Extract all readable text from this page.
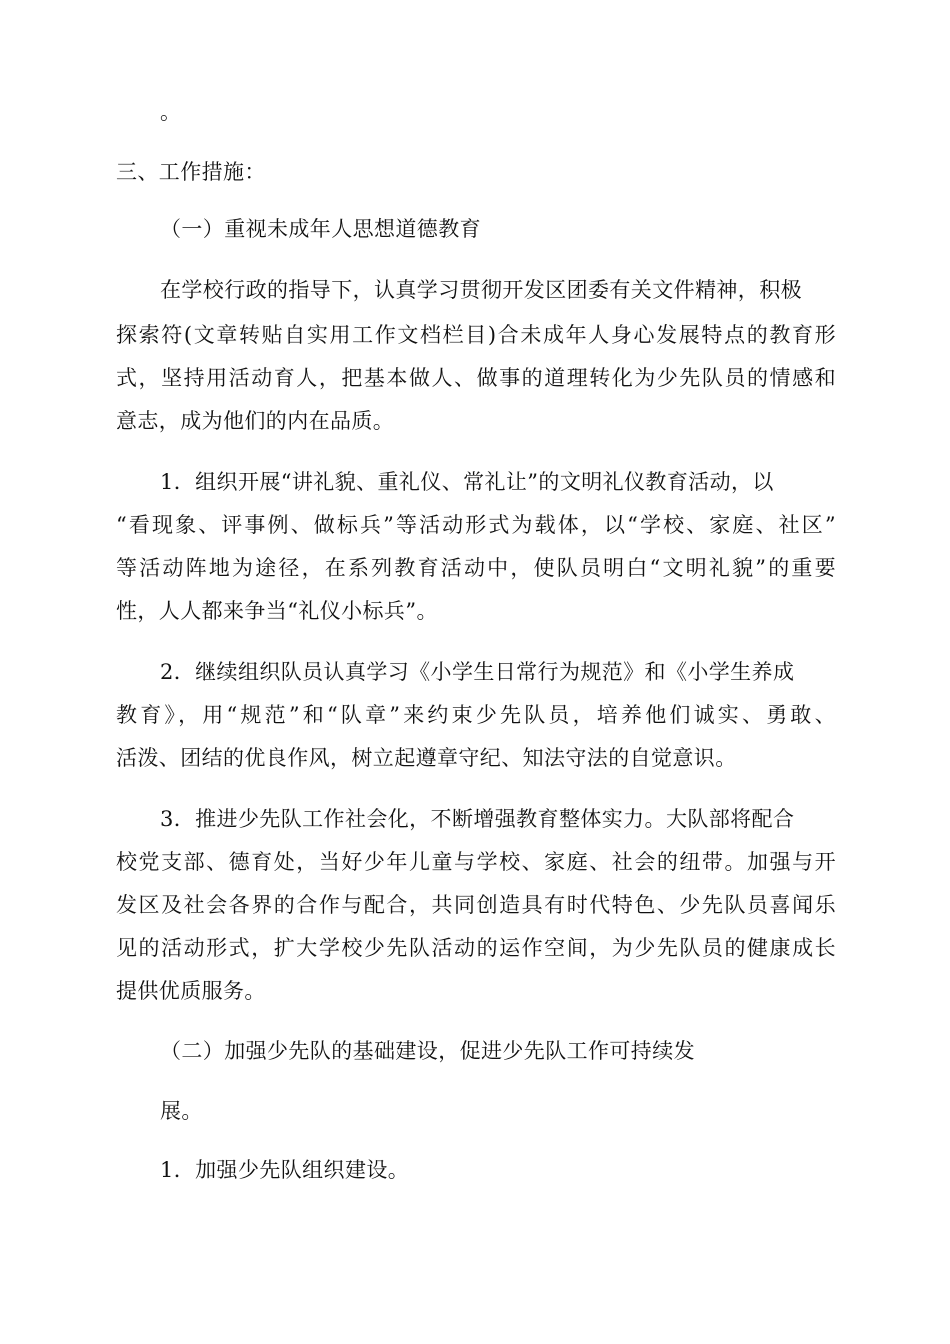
。
三、工作措施：
（一）重视未成年人思想道德教育
在学校行政的指导下，认真学习贯彻开发区团委有关文件精神，积极
探索符(文章转贴自实用工作文档栏目)合未成年人身心发展特点的教育形
式，坚持用活动育人，把基本做人、做事的道理转化为少先队员的情感和
意志，成为他们的内在品质。
1．组织开展“讲礼貌、重礼仪、常礼让”的文明礼仪教育活动，以
“看现象、评事例、做标兵”等活动形式为载体，以“学校、家庭、社区”
等活动阵地为途径，在系列教育活动中，使队员明白“文明礼貌”的重要
性，人人都来争当“礼仪小标兵”。
2．继续组织队员认真学习《小学生日常行为规范》和《小学生养成
教育》，用“规范”和“队章”来约束少先队员，培养他们诚实、勇敢、
活泼、团结的优良作风，树立起遵章守纪、知法守法的自觉意识。
3．推进少先队工作社会化，不断增强教育整体实力。大队部将配合
校党支部、德育处，当好少年儿童与学校、家庭、社会的纽带。加强与开
发区及社会各界的合作与配合，共同创造具有时代特色、少先队员喜闻乐
见的活动形式，扩大学校少先队活动的运作空间，为少先队员的健康成长
提供优质服务。
（二）加强少先队的基础建设，促进少先队工作可持续发
展。
1．加强少先队组织建设。
